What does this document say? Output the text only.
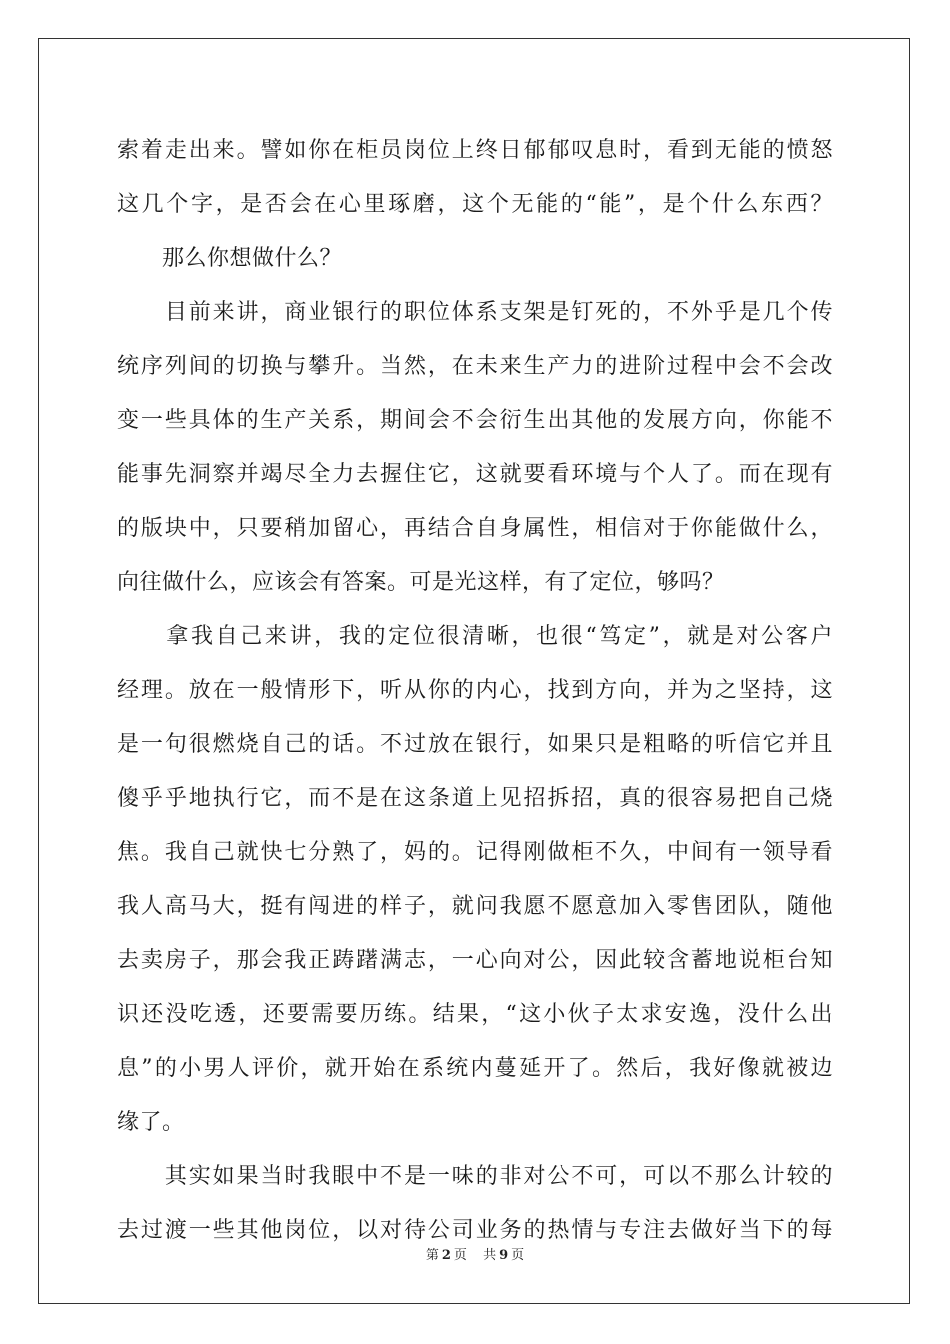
索着走出来。譬如你在柜员岗位上终日郁郁叹息时，看到无能的愤怒
这几个字，是否会在心里琢磨，这个无能的“能”，是个什么东西？
　　那么你想做什么？
　　目前来讲，商业银行的职位体系支架是钉死的，不外乎是几个传
统序列间的切换与攀升。当然，在未来生产力的进阶过程中会不会改
变一些具体的生产关系，期间会不会衍生出其他的发展方向，你能不
能事先洞察并竭尽全力去握住它，这就要看环境与个人了。而在现有
的版块中，只要稍加留心，再结合自身属性，相信对于你能做什么，
向往做什么，应该会有答案。可是光这样，有了定位，够吗？
　　拿我自己来讲，我的定位很清晰，也很“笃定”，就是对公客户
经理。放在一般情形下，听从你的内心，找到方向，并为之坚持，这
是一句很燃烧自己的话。不过放在银行，如果只是粗略的听信它并且
傻乎乎地执行它，而不是在这条道上见招拆招，真的很容易把自己烧
焦。我自己就快七分熟了，妈的。记得刚做柜不久，中间有一领导看
我人高马大，挺有闯进的样子，就问我愿不愿意加入零售团队，随他
去卖房子，那会我正踌躇满志，一心向对公，因此较含蓄地说柜台知
识还没吃透，还要需要历练。结果，“这小伙子太求安逸，没什么出
息”的小男人评价，就开始在系统内蔓延开了。然后，我好像就被边
缘了。
　　其实如果当时我眼中不是一味的非对公不可，可以不那么计较的
去过渡一些其他岗位，以对待公司业务的热情与专注去做好当下的每
第 2 页 共 9 页
